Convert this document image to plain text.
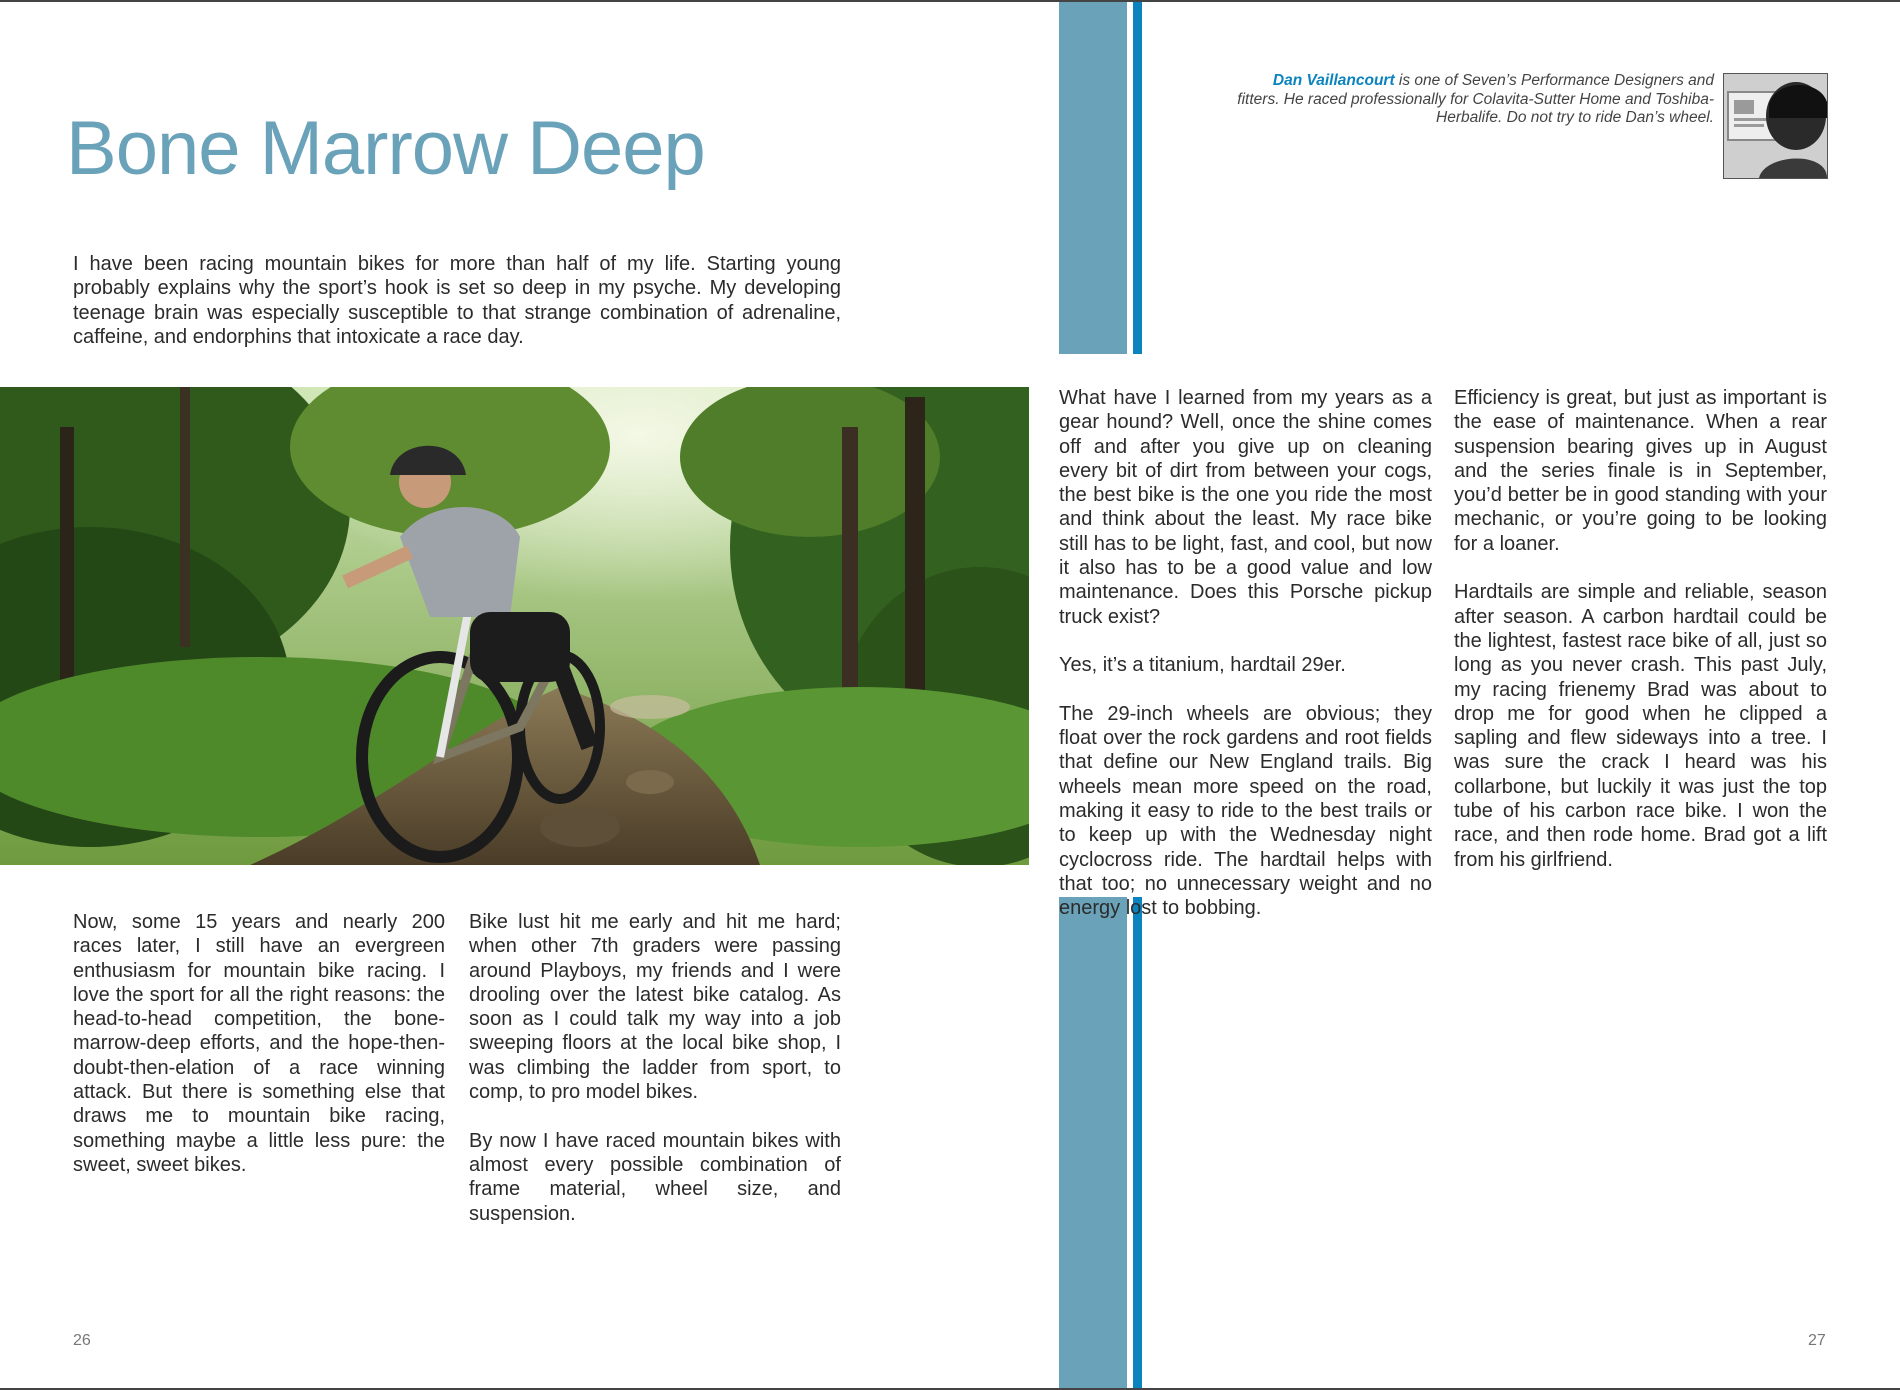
Bone Marrow Deep
I have been racing mountain bikes for more than half of my life. Starting young probably explains why the sport’s hook is set so deep in my psyche. My developing teenage brain was especially susceptible to that strange combination of adrenaline, caffeine, and endorphins that intoxicate a race day.

Now, some 15 years and nearly 200 races later, I still have an evergreen enthusiasm for mountain bike racing. I love the sport for all the right reasons: the head-to-head competition, the bone-marrow-deep efforts, and the hope-then-doubt-then-elation of a race winning attack. But there is something else that draws me to mountain bike racing, something maybe a little less pure: the sweet, sweet bikes.

Bike lust hit me early and hit me hard; when other 7th graders were passing around Playboys, my friends and I were drooling over the latest bike catalog. As soon as I could talk my way into a job sweeping floors at the local bike shop, I was climbing the ladder from sport, to comp, to pro model bikes.

By now I have raced mountain bikes with almost every possible combination of frame material, wheel size, and suspension.

26
Dan Vaillancourt is one of Seven’s Performance Designers and fitters. He raced professionally for Colavita-Sutter Home and Toshiba-Herbalife. Do not try to ride Dan’s wheel.

What have I learned from my years as a gear hound? Well, once the shine comes off and after you give up on cleaning every bit of dirt from between your cogs, the best bike is the one you ride the most and think about the least. My race bike still has to be light, fast, and cool, but now it also has to be a good value and low maintenance. Does this Porsche pickup truck exist?

Yes, it’s a titanium, hardtail 29er.

The 29-inch wheels are obvious; they float over the rock gardens and root fields that define our New England trails. Big wheels mean more speed on the road, making it easy to ride to the best trails or to keep up with the Wednesday night cyclocross ride. The hardtail helps with that too; no unnecessary weight and no energy lost to bobbing.

Efficiency is great, but just as important is the ease of maintenance. When a rear suspension bearing gives up in August and the series finale is in September, you’d better be in good standing with your mechanic, or you’re going to be looking for a loaner.

Hardtails are simple and reliable, season after season. A carbon hardtail could be the lightest, fastest race bike of all, just so long as you never crash. This past July, my racing frienemy Brad was about to drop me for good when he clipped a sapling and flew sideways into a tree. I was sure the crack I heard was his collarbone, but luckily it was just the top tube of his carbon race bike. I won the race, and then rode home. Brad got a lift from his girlfriend.

27
